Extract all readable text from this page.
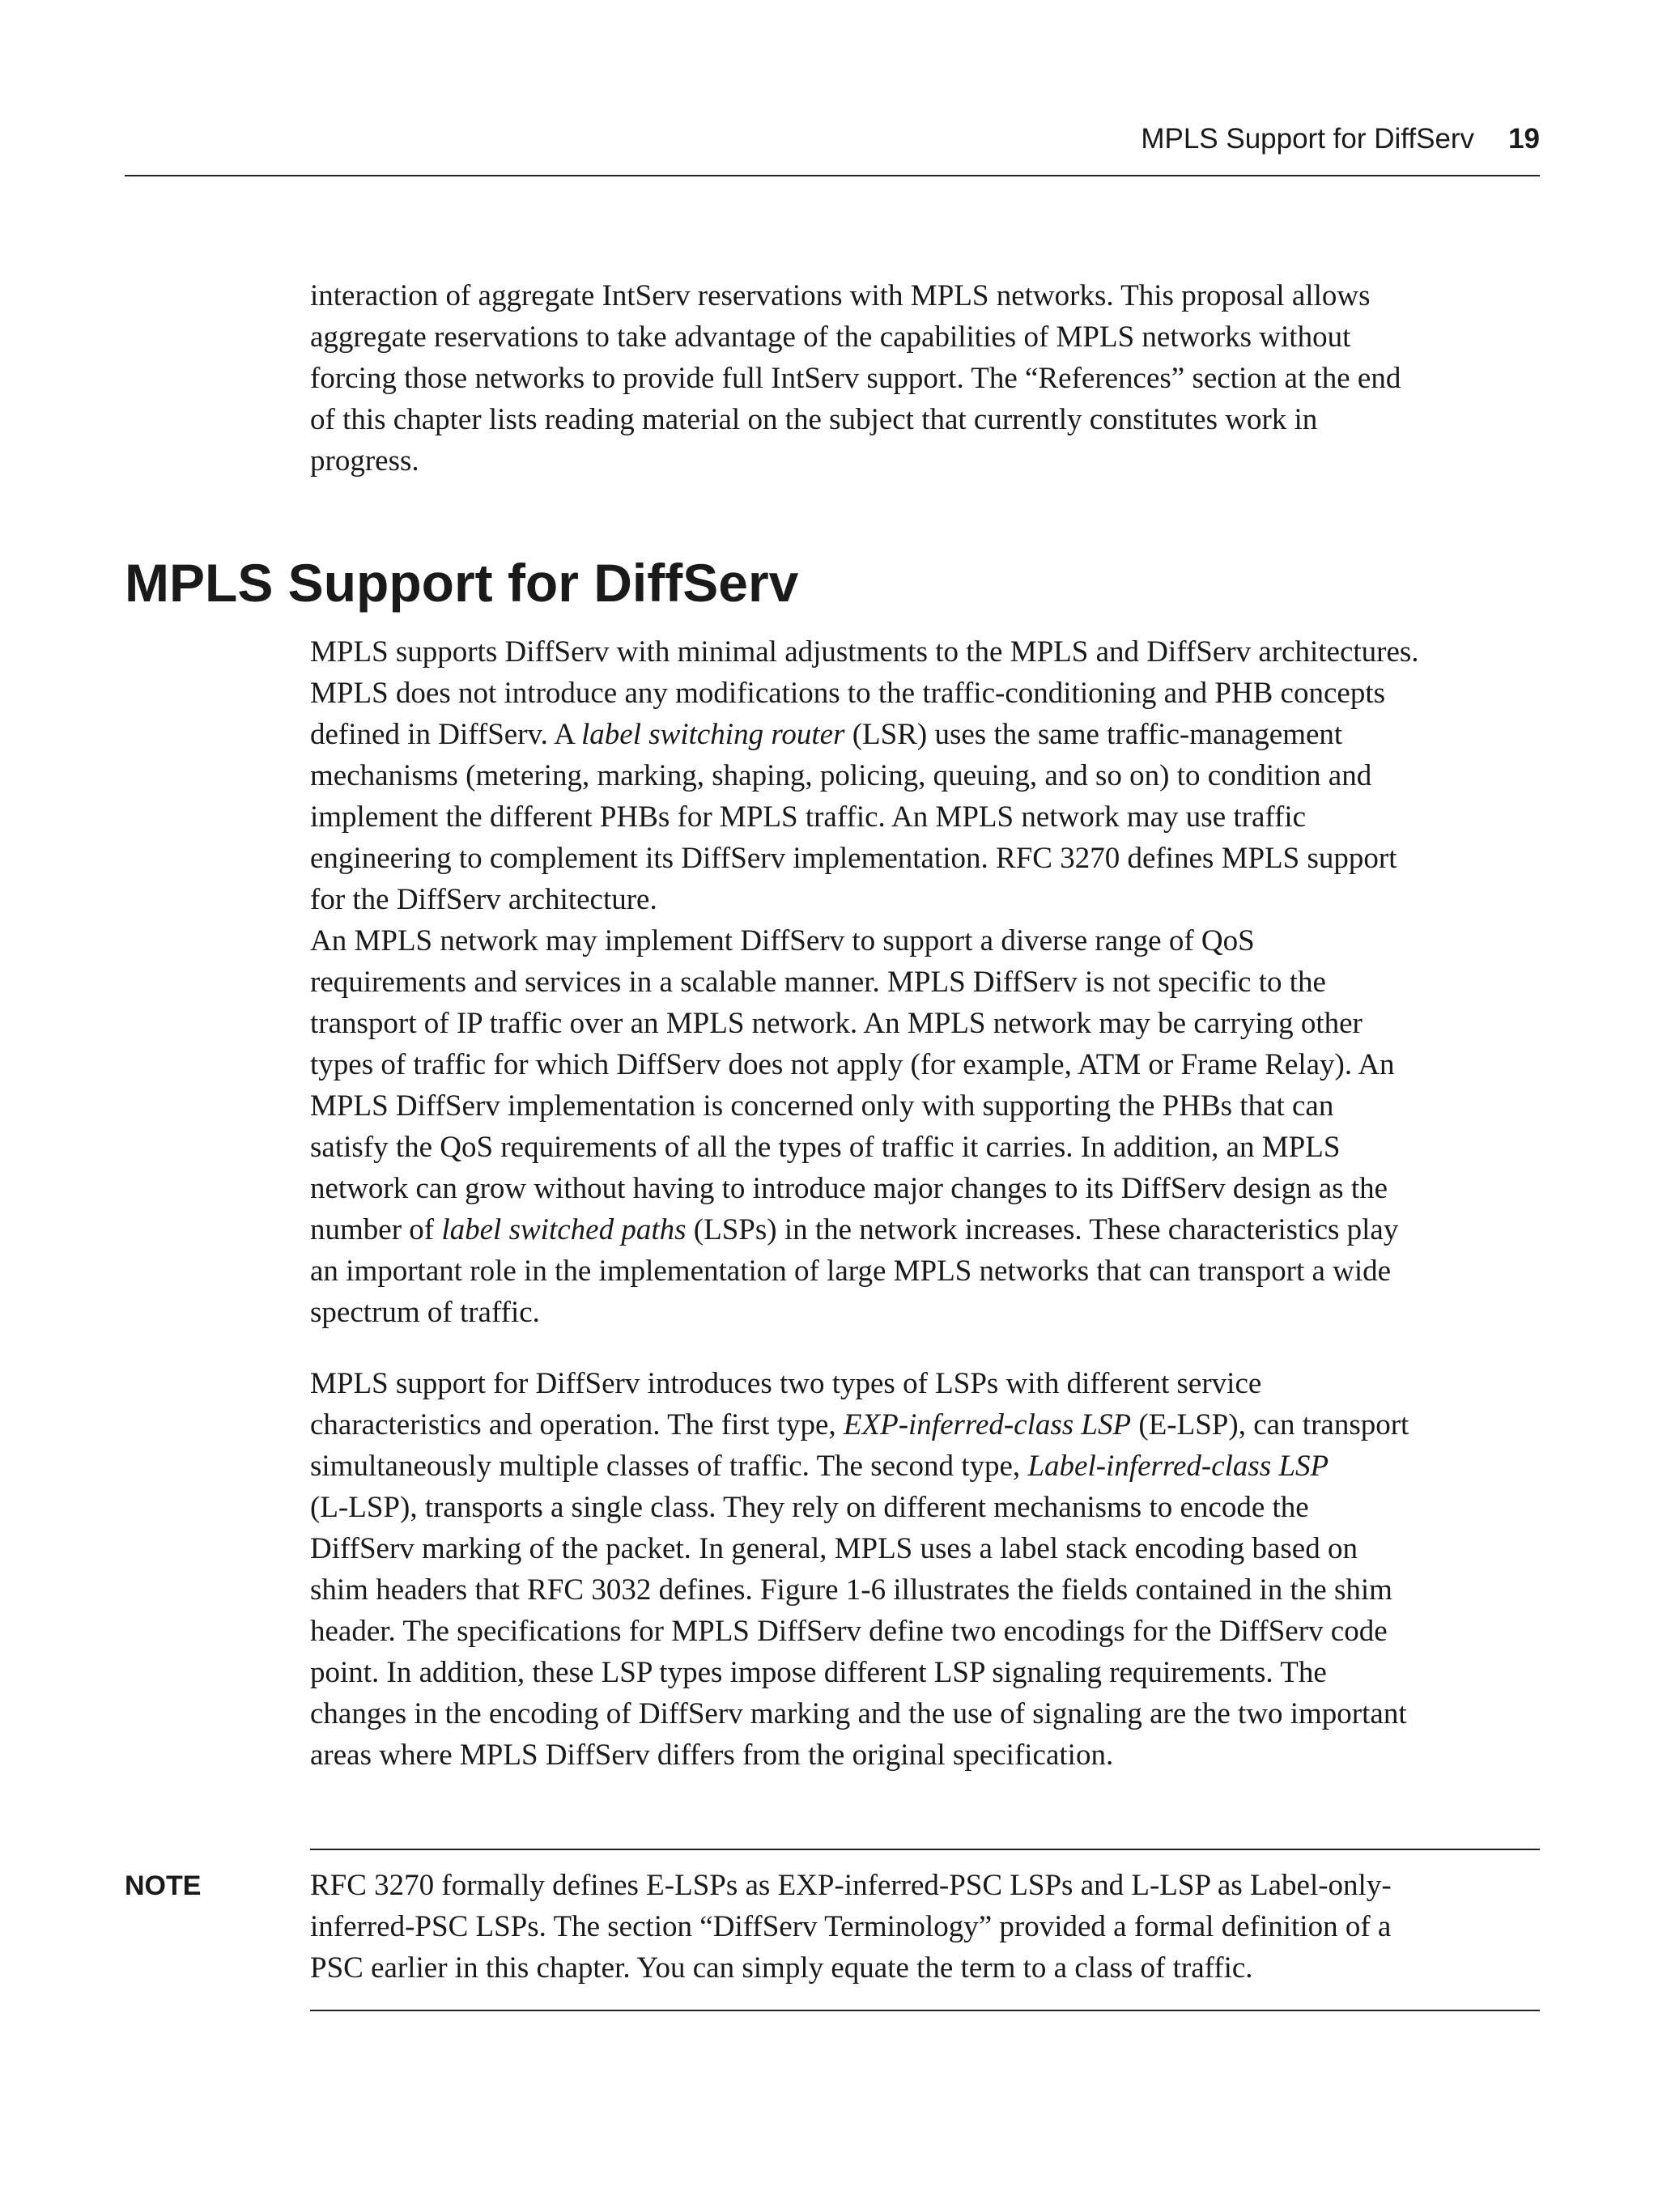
MPLS Support for DiffServ 19

interaction of aggregate IntServ reservations with MPLS networks. This proposal allows
aggregate reservations to take advantage of the capabilities of MPLS networks without
forcing those networks to provide full IntServ support. The “References” section at the end
of this chapter lists reading material on the subject that currently constitutes work in
progress.

MPLS Support for DiffServ

MPLS supports DiffServ with minimal adjustments to the MPLS and DiffServ architectures.
MPLS does not introduce any modifications to the traffic-conditioning and PHB concepts
defined in DiffServ. A label switching router (LSR) uses the same traffic-management
mechanisms (metering, marking, shaping, policing, queuing, and so on) to condition and
implement the different PHBs for MPLS traffic. An MPLS network may use traffic
engineering to complement its DiffServ implementation. RFC 3270 defines MPLS support
for the DiffServ architecture.

An MPLS network may implement DiffServ to support a diverse range of QoS
requirements and services in a scalable manner. MPLS DiffServ is not specific to the
transport of IP traffic over an MPLS network. An MPLS network may be carrying other
types of traffic for which DiffServ does not apply (for example, ATM or Frame Relay). An
MPLS DiffServ implementation is concerned only with supporting the PHBs that can
satisfy the QoS requirements of all the types of traffic it carries. In addition, an MPLS
network can grow without having to introduce major changes to its DiffServ design as the
number of label switched paths (LSPs) in the network increases. These characteristics play
an important role in the implementation of large MPLS networks that can transport a wide
spectrum of traffic.

MPLS support for DiffServ introduces two types of LSPs with different service
characteristics and operation. The first type, EXP-inferred-class LSP (E-LSP), can transport
simultaneously multiple classes of traffic. The second type, Label-inferred-class LSP
(L-LSP), transports a single class. They rely on different mechanisms to encode the
DiffServ marking of the packet. In general, MPLS uses a label stack encoding based on
shim headers that RFC 3032 defines. Figure 1-6 illustrates the fields contained in the shim
header. The specifications for MPLS DiffServ define two encodings for the DiffServ code
point. In addition, these LSP types impose different LSP signaling requirements. The
changes in the encoding of DiffServ marking and the use of signaling are the two important
areas where MPLS DiffServ differs from the original specification.

NOTE	RFC 3270 formally defines E-LSPs as EXP-inferred-PSC LSPs and L-LSP as Label-only-
inferred-PSC LSPs. The section “DiffServ Terminology” provided a formal definition of a
PSC earlier in this chapter. You can simply equate the term to a class of traffic.
